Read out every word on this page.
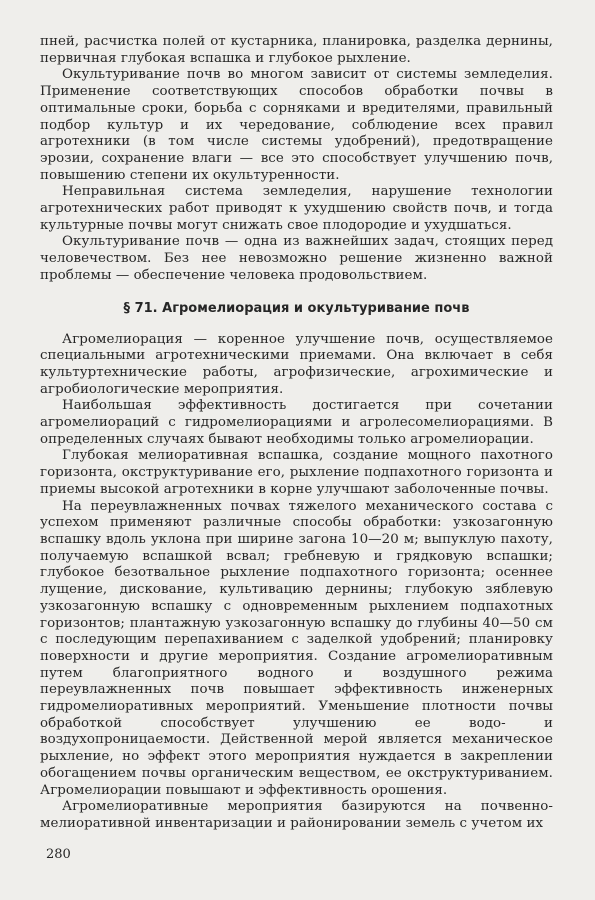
пней, расчистка полей от кустарника, планировка, разделка дернины, первичная глубокая вспашка и глубокое рыхление.

Окультуривание почв во многом зависит от системы земледелия. Применение соответствующих способов обработки почвы в оптимальные сроки, борьба с сорняками и вредителями, правильный подбор культур и их чередование, соблюдение всех правил агротехники (в том числе системы удобрений), предотвращение эрозии, сохранение влаги — все это способствует улучшению почв, повышению степени их окультуренности.

Неправильная система земледелия, нарушение технологии агротехнических работ приводят к ухудшению свойств почв, и тогда культурные почвы могут снижать свое плодородие и ухудшаться.

Окультуривание почв — одна из важнейших задач, стоящих перед человечеством. Без нее невозможно решение жизненно важной проблемы — обеспечение человека продовольствием.

§ 71. Агромелиорация и окультуривание почв

Агромелиорация — коренное улучшение почв, осуществляемое специальными агротехническими приемами. Она включает в себя культуртехнические работы, агрофизические, агрохимические и агробиологические мероприятия.

Наибольшая эффективность достигается при сочетании агромелиораций с гидромелиорациями и агролесомелиорациями. В определенных случаях бывают необходимы только агромелиорации.

Глубокая мелиоративная вспашка, создание мощного пахотного горизонта, окструктуривание его, рыхление подпахотного горизонта и приемы высокой агротехники в корне улучшают заболоченные почвы.

На переувлажненных почвах тяжелого механического состава с успехом применяют различные способы обработки: узкозагонную вспашку вдоль уклона при ширине загона 10—20 м; выпуклую пахоту, получаемую вспашкой всвал; гребневую и грядковую вспашки; глубокое безотвальное рыхление подпахотного горизонта; осеннее лущение, дискование, культивацию дернины; глубокую зяблевую узкозагонную вспашку с одновременным рыхлением подпахотных горизонтов; плантажную узкозагонную вспашку до глубины 40—50 см с последующим перепахиванием с заделкой удобрений; планировку поверхности и другие мероприятия. Создание агромелиоративным путем благоприятного водного и воздушного режима переувлажненных почв повышает эффективность инженерных гидромелиоративных мероприятий. Уменьшение плотности почвы обработкой способствует улучшению ее водо- и воздухопроницаемости. Действенной мерой является механическое рыхление, но эффект этого мероприятия нуждается в закреплении обогащением почвы органическим веществом, ее окструктуриванием. Агромелиорации повышают и эффективность орошения.

Агромелиоративные мероприятия базируются на почвенно-мелиоративной инвентаризации и районировании земель с учетом их

280
